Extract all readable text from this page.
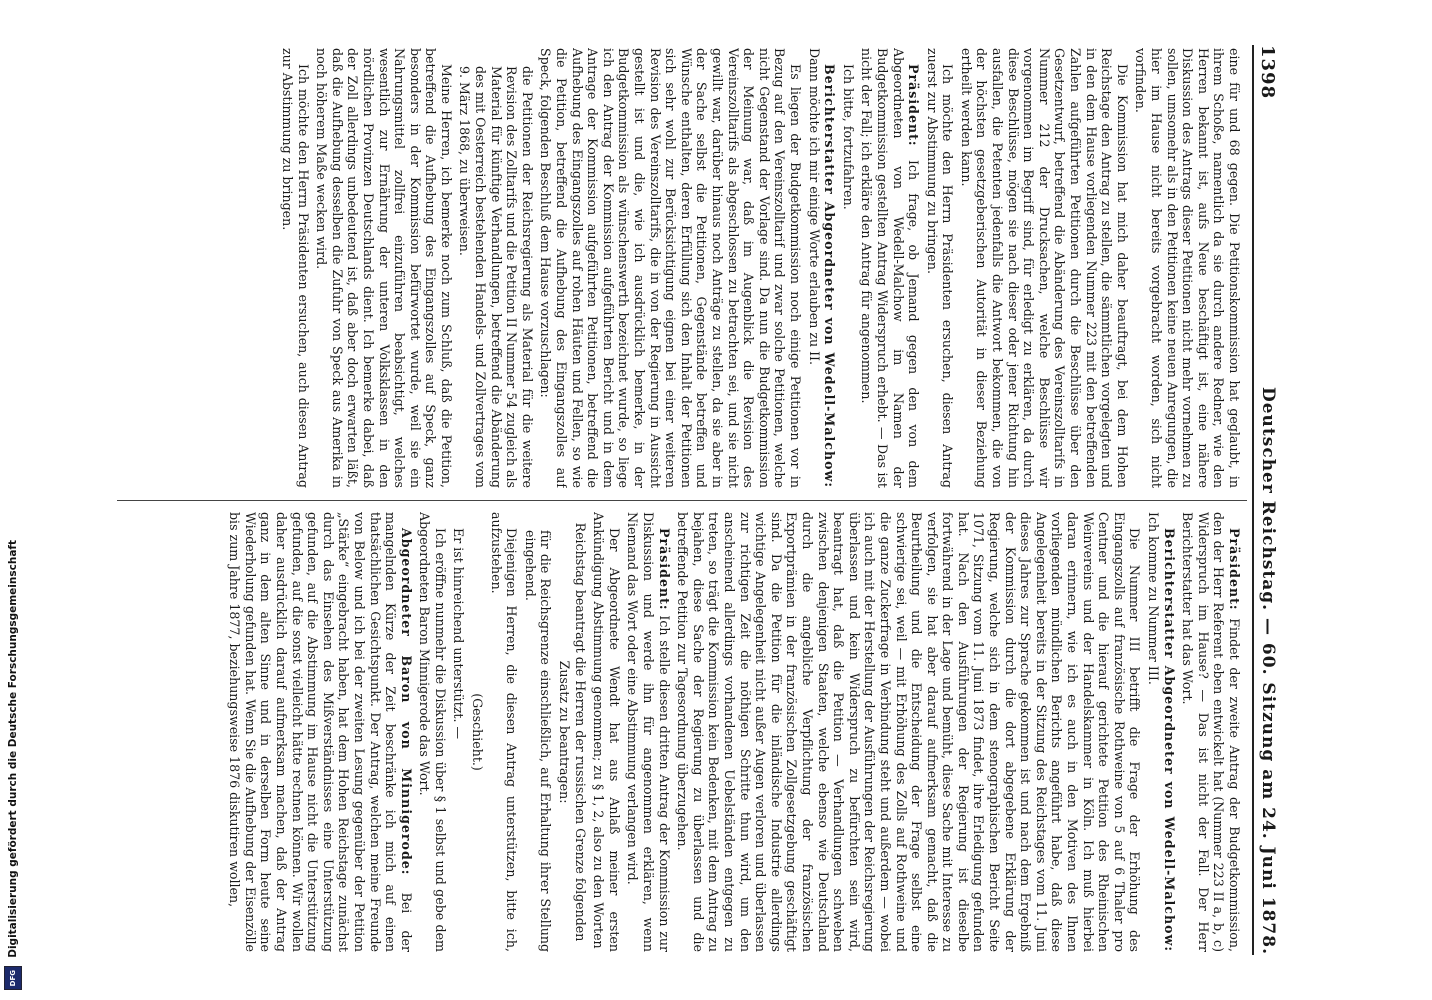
1398
Deutscher Reichstag. — 60. Sitzung am 24. Juni 1878.

eine für und 68 gegen. Die Petitionskommission hat geglaubt, in ihrem Schoße, namentlich da sie durch andere Redner, wie den Herren bekannt ist, aufs Neue beschäftigt ist, eine nähere Diskussion des Antrags dieser Petitionen nicht mehr vornehmen zu sollen, umsomehr als in den Petitionen keine neuen Anregungen, die hier im Hause nicht bereits vorgebracht worden, sich nicht vorfinden.

Die Kommission hat mich daher beauftragt, bei dem Hohen Reichstage den Antrag zu stellen, die sämmtlichen vorgelegten und in den dem Hause vorliegenden Nummer 223 mit den betreffenden Zahlen aufgeführten Petitionen durch die Beschlüsse über den Gesetzentwurf, betreffend die Abänderung des Vereinszolltarifs in Nummer 212 der Drucksachen, welche Beschlüsse wir vorgenommen im Begriff sind, für erledigt zu erklären, da durch diese Beschlüsse, mögen sie nach dieser oder jener Richtung hin ausfallen, die Petenten jedenfalls die Antwort bekommen, die von der höchsten gesetzgeberischen Autorität in dieser Beziehung ertheilt werden kann.

Ich möchte den Herrn Präsidenten ersuchen, diesen Antrag zuerst zur Abstimmung zu bringen.

Präsident: Ich frage, ob Jemand gegen den von dem Abgeordneten von Wedell-Malchow im Namen der Budgetkommission gestellten Antrag Widerspruch erhebt. — Das ist nicht der Fall; ich erkläre den Antrag für angenommen.

Ich bitte, fortzufahren.

Berichterstatter Abgeordneter von Wedell-Malchow: Dann möchte ich mir einige Worte erlauben zu II.

Es liegen der Budgetkommission noch einige Petitionen vor in Bezug auf den Vereinszolltarif und zwar solche Petitionen, welche nicht Gegenstand der Vorlage sind. Da nun die Budgetkommission der Meinung war, daß im Augenblick die Revision des Vereinszolltarifs als abgeschlossen zu betrachten sei, und sie nicht gewillt war, darüber hinaus noch Anträge zu stellen, da sie aber in der Sache selbst die Petitionen, Gegenstände betreffen und Wünsche enthalten, deren Erfüllung sich den Inhalt der Petitionen sich sehr wohl zur Berücksichtigung eignen bei einer weiteren Revision des Vereinszolltarifs, die in von der Regierung in Aussicht gestellt ist und die, wie ich ausdrücklich bemerke, in der Budgetkommission als wünschenswerth bezeichnet wurde, so liege ich den Antrag der Kommission aufgeführten Bericht und in dem Antrage der Kommission aufgeführten Petitionen, betreffend die Aufhebung des Eingangszolles auf rohen Häuten und Fellen, so wie die Petition, betreffend die Aufhebung des Eingangszolles auf Speck, folgenden Beschluß dem Hause vorzuschlagen:

die Petitionen der Reichsregierung als Material für die weitere Revision des Zolltarifs und die Petition II Nummer 54 zugleich als Material für künftige Verhandlungen, betreffend die Abänderung des mit Oesterreich bestehenden Handels- und Zollvertrages vom 9. März 1868, zu überweisen.

Meine Herren, ich bemerke noch zum Schluß, daß die Petition, betreffend die Aufhebung des Eingangszolles auf Speck, ganz besonders in der Kommission befürwortet wurde, weil sie ein Nahrungsmittel zollfrei einzuführen beabsichtigt, welches wesentlich zur Ernährung der unteren Volksklassen in den nördlichen Provinzen Deutschlands dient. Ich bemerke dabei, daß der Zoll allerdings unbedeutend ist, daß aber doch erwarten läßt, daß die Aufhebung desselben die Zufuhr von Speck aus Amerika in noch höherem Maße wecken wird.

Ich möchte den Herrn Präsidenten ersuchen, auch diesen Antrag zur Abstimmung zu bringen.

Präsident: Findet der zweite Antrag der Budgetkommission, den der Herr Referent eben entwickelt hat (Nummer 223 II a, b, c) Widerspruch im Hause? — Das ist nicht der Fall. Der Herr Berichterstatter hat das Wort.

Berichterstatter Abgeordneter von Wedell-Malchow: Ich komme zu Nummer III.

Die Nummer III betrifft die Frage der Erhöhung des Eingangszolls auf französische Rothweine von 5 auf 6 Thaler pro Centner und die hierauf gerichtete Petition des Rheinischen Weinvereins und der Handelskammer in Köln. Ich muß hierbei daran erinnern, wie ich es auch in den Motiven des Ihnen vorliegenden mündlichen Berichts angeführt habe, daß diese Angelegenheit bereits in der Sitzung des Reichstages vom 11. Juni dieses Jahres zur Sprache gekommen ist und nach dem Ergebniß der Kommission durch die dort abgegebene Erklärung der Regierung, welche sich in dem stenographischen Bericht Seite 1071, Sitzung vom 11. Juni 1873 findet, ihre Erledigung gefunden hat. Nach den Ausführungen der Regierung ist dieselbe fortwährend in der Lage und bemüht, diese Sache mit Interesse zu verfolgen, sie hat aber darauf aufmerksam gemacht, daß die Beurtheilung und die Entscheidung der Frage selbst eine schwierige sei, weil — mit Erhöhung des Zolls auf Rothweine und die ganze Zuckerfrage in Verbindung steht und außerdem — wobei ich auch mit der Herstellung der Ausführungen der Reichsregierung überlassen und kein Widerspruch zu befürchten sein wird, beantragt hat, daß die Petition — Verhandlungen schweben zwischen denjenigen Staaten, welche ebenso wie Deutschland durch die angebliche Verpflichtung der französischen Exportprämien in der französischen Zollgesetzgebung geschäftigt sind. Da die Petition für die inländische Industrie allerdings wichtige Angelegenheit nicht außer Augen verloren und überlassen zur richtigen Zeit die nöthigen Schritte thun wird, um den anscheinend allerdings vorhandenen Uebelständen entgegen zu treten, so trägt die Kommission kein Bedenken, mit dem Antrag zu bejahen, diese Sache der Regierung zu überlassen und die betreffende Petition zur Tagesordnung überzugehen.

Präsident: Ich stelle diesen dritten Antrag der Kommission zur Diskussion und werde ihn für angenommen erklären, wenn Niemand das Wort oder eine Abstimmung verlangen wird.

Der Abgeordnete Wendt hat aus Anlaß meiner ersten Ankündigung Abstimmung genommen; zu § 1, 2, also zu den Worten

Reichstag beantragt die Herren der russischen Grenze folgenden Zusatz zu beantragen:

für die Reichsgrenze einschließlich, auf Erhaltung ihrer Stellung eingehend.

Diejenigen Herren, die diesen Antrag unterstützen, bitte ich, aufzustehen.

(Geschieht.)

Er ist hinreichend unterstützt. —

Ich eröffne nunmehr die Diskussion über § 1 selbst und gebe dem Abgeordneten Baron Minnigerode das Wort.

Abgeordneter Baron von Minnigerode: Bei der mangelnden Kürze der Zeit beschränke ich mich auf einen thatsächlichen Gesichtspunkt. Der Antrag, welchen meine Freunde von Below und ich bei der zweiten Lesung gegenüber der Petition „Stärke“ eingebracht haben, hat dem Hohen Reichstage zunächst durch das Einsehen des Mißverständnisses eine Unterstützung gefunden, auf die Abstimmung im Hause nicht die Unterstützung gefunden, auf die sonst vielleicht hätte rechnen können. Wir wollen daher ausdrücklich darauf aufmerksam machen, daß der Antrag ganz in dem alten Sinne und in derselben Form heute seine Wiederholung gefunden hat. Wenn Sie die Aufhebung der Eisenzölle bis zum Jahre 1877, beziehungsweise 1876 diskutiren wollen,

Digitalisierung gefördert durch die Deutsche Forschungsgemeinschaft
DFG
